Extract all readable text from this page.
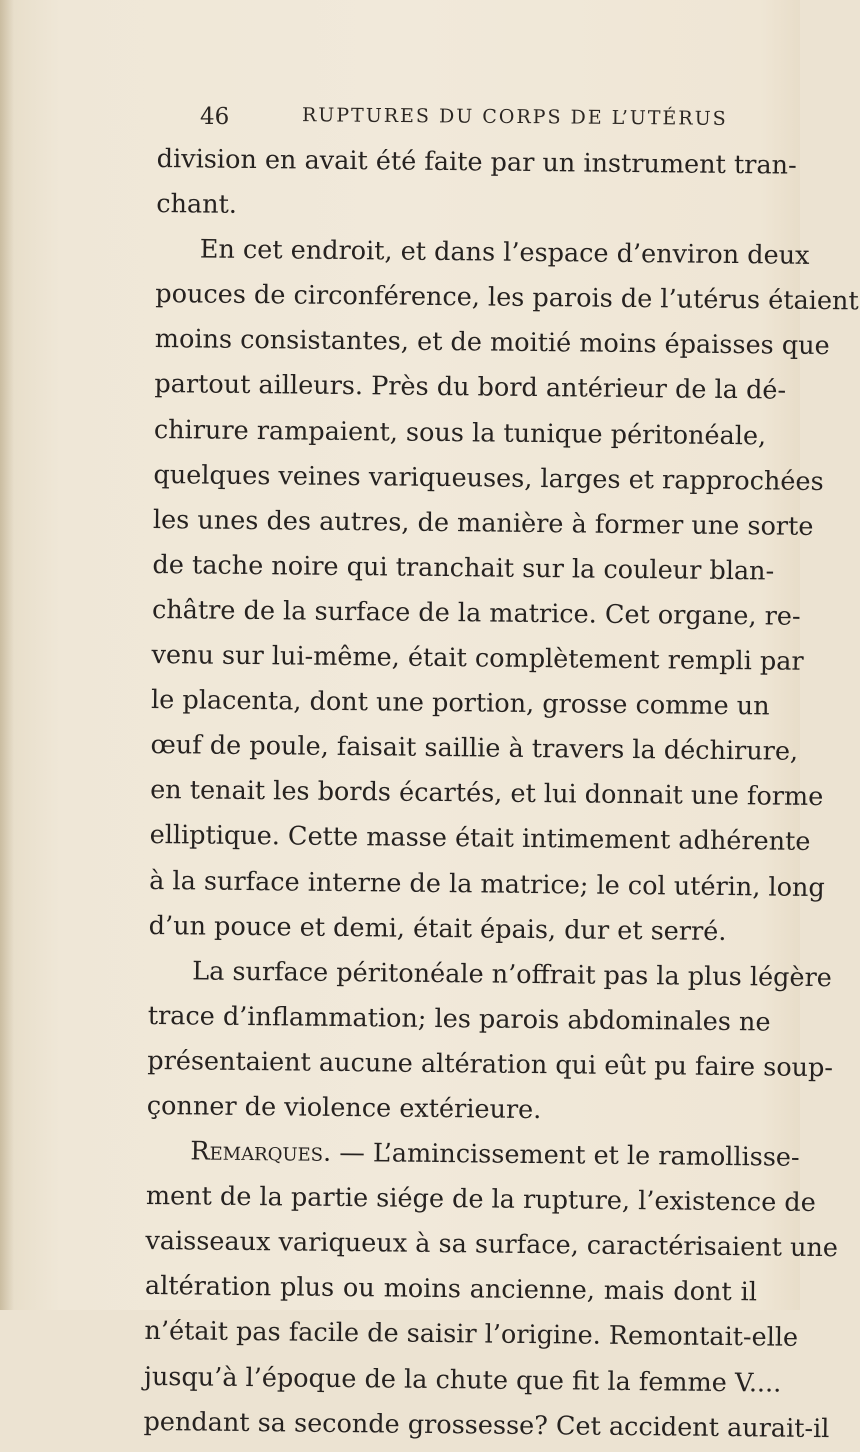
46	RUPTURES DU CORPS DE L’UTÉRUS
division en avait été faite par un instrument tran-
chant.
En cet endroit, et dans l’espace d’environ deux
pouces de circonférence, les parois de l’utérus étaient
moins consistantes, et de moitié moins épaisses que
partout ailleurs. Près du bord antérieur de la dé-
chirure rampaient, sous la tunique péritonéale,
quelques veines variqueuses, larges et rapprochées
les unes des autres, de manière à former une sorte
de tache noire qui tranchait sur la couleur blan-
châtre de la surface de la matrice. Cet organe, re-
venu sur lui-même, était complètement rempli par
le placenta, dont une portion, grosse comme un
œuf de poule, faisait saillie à travers la déchirure,
en tenait les bords écartés, et lui donnait une forme
elliptique. Cette masse était intimement adhérente
à la surface interne de la matrice; le col utérin, long
d’un pouce et demi, était épais, dur et serré.
La surface péritonéale n’offrait pas la plus légère
trace d’inflammation; les parois abdominales ne
présentaient aucune altération qui eût pu faire soup-
çonner de violence extérieure.
Remarques. — L’amincissement et le ramollisse-
ment de la partie siége de la rupture, l’existence de
vaisseaux variqueux à sa surface, caractérisaient une
altération plus ou moins ancienne, mais dont il
n’était pas facile de saisir l’origine. Remontait-elle
jusqu’à l’époque de la chute que fit la femme V....
pendant sa seconde grossesse? Cet accident aurait-il
